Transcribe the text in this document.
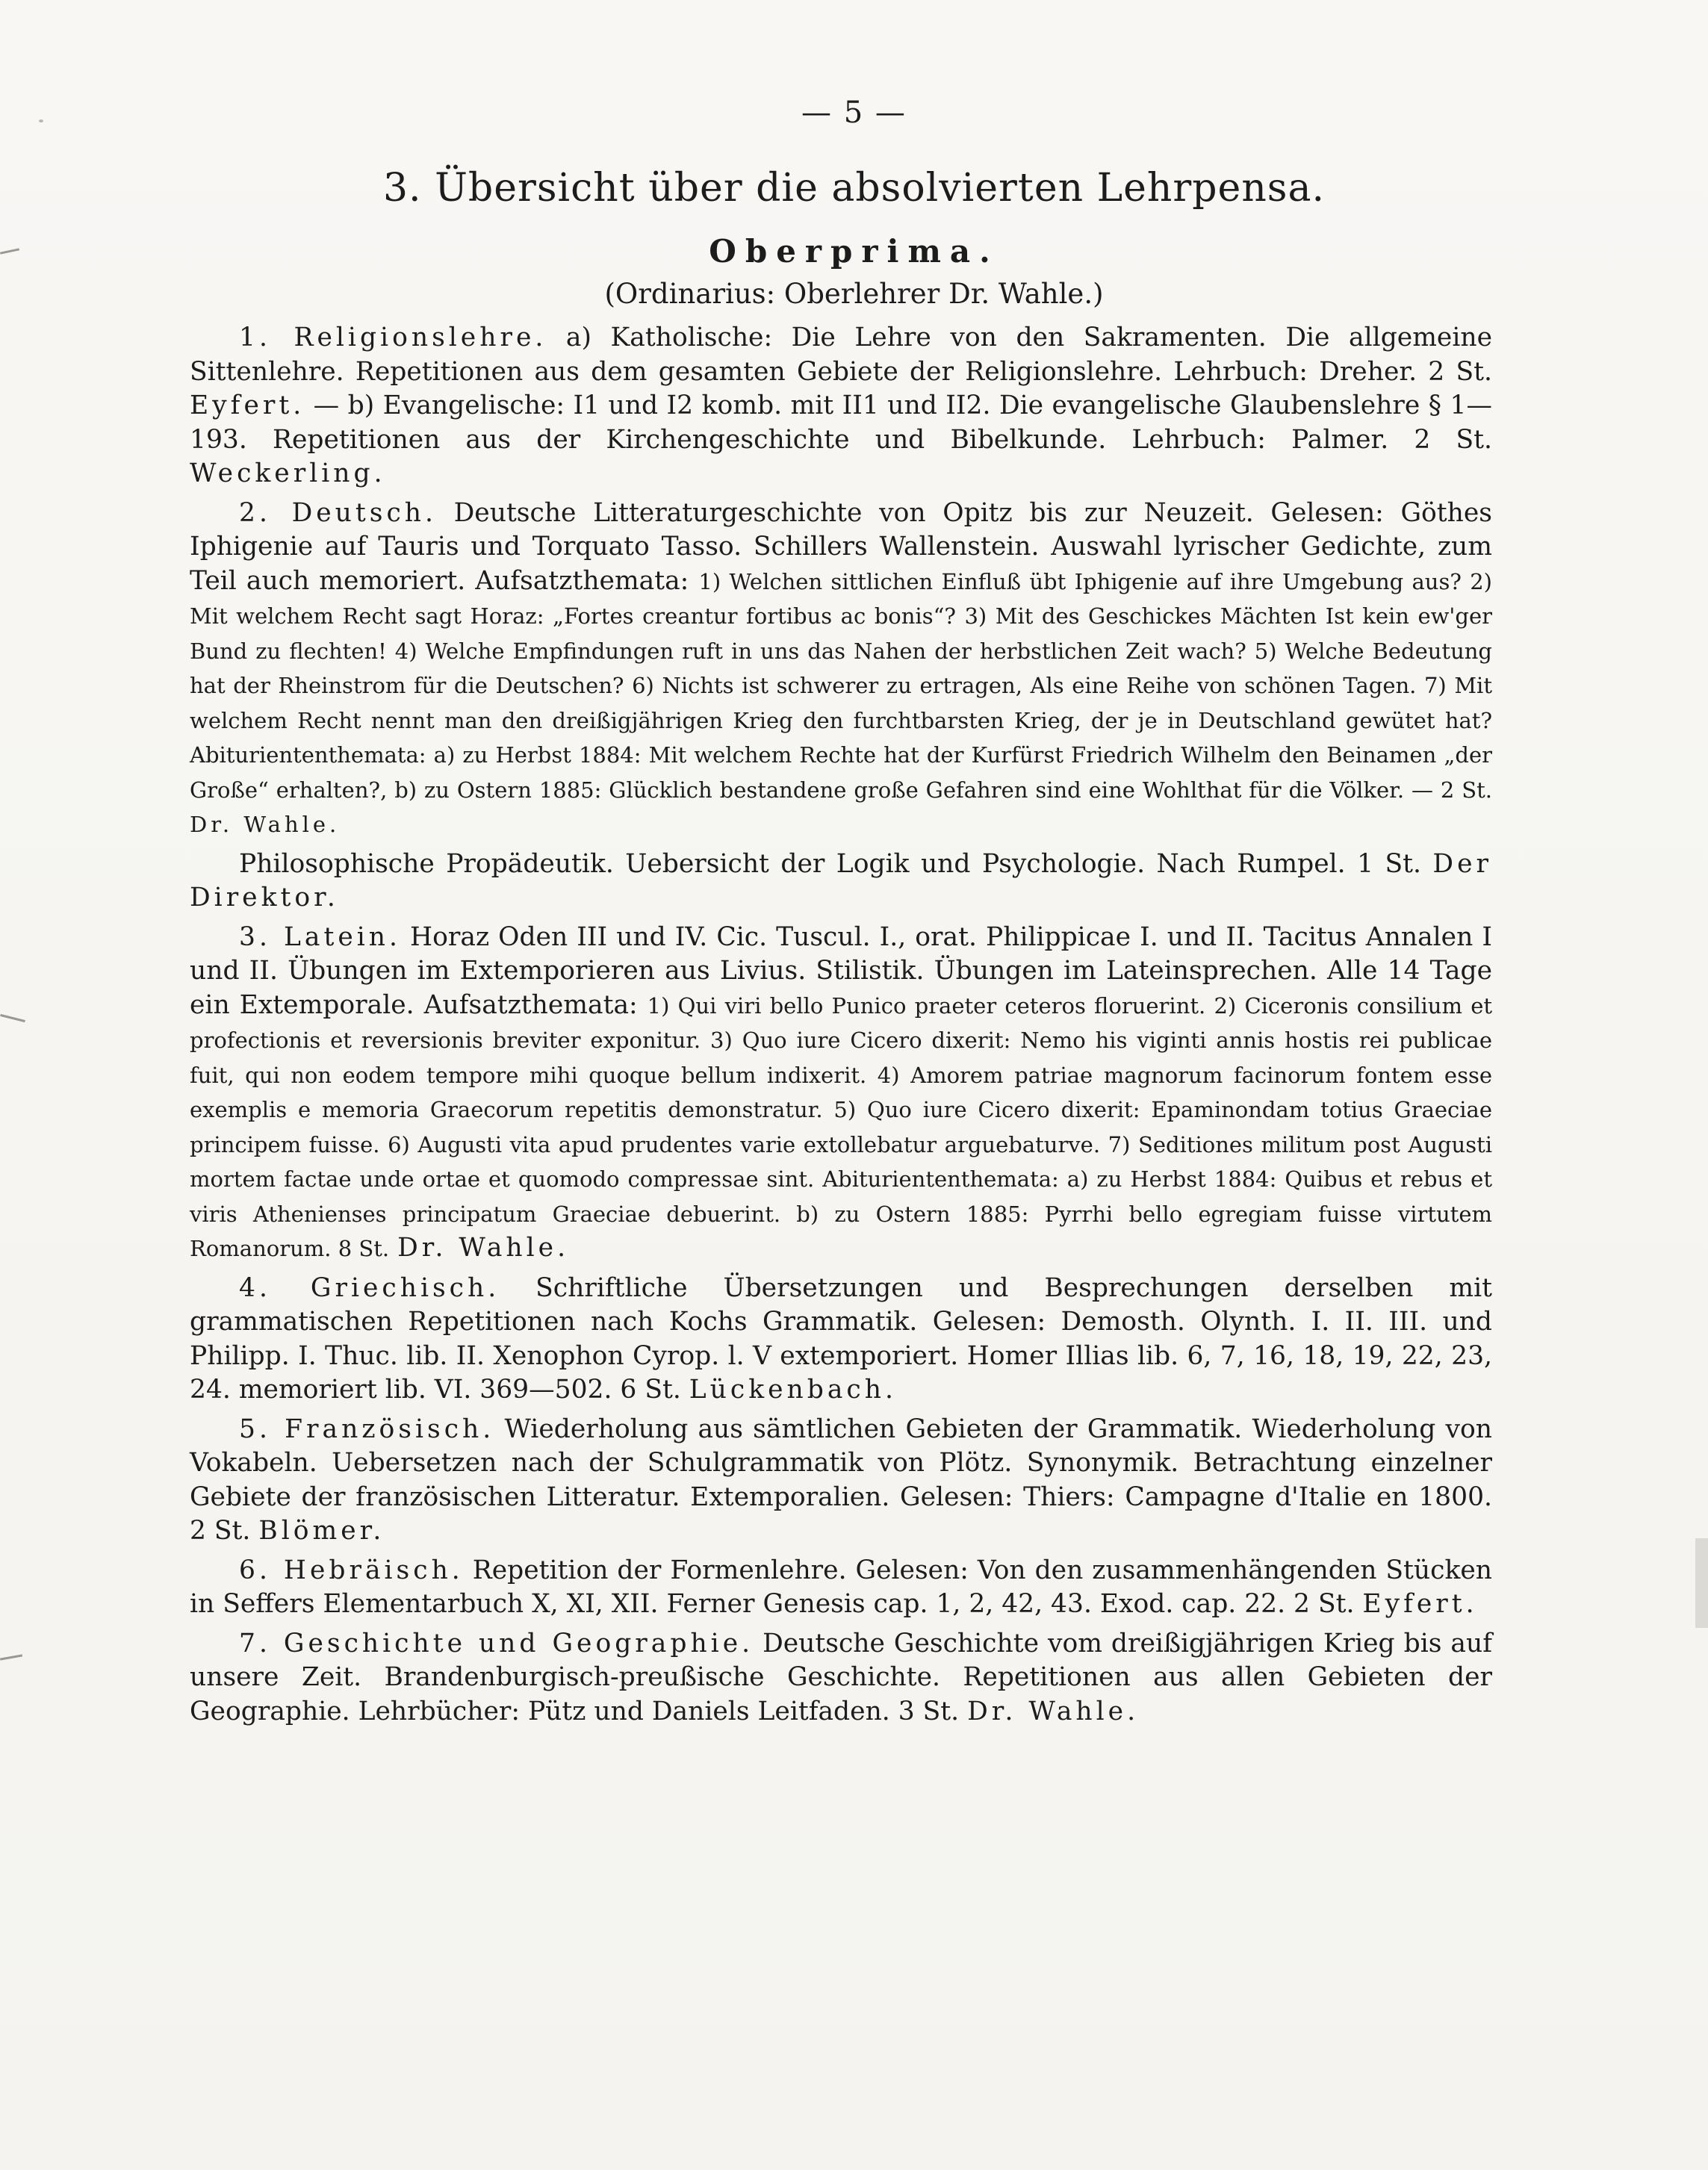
— 5 —
3. Übersicht über die absolvierten Lehrpensa.
Oberprima.
(Ordinarius: Oberlehrer Dr. Wahle.)

1. Religionslehre. a) Katholische: Die Lehre von den Sakramenten. Die allgemeine Sittenlehre. Repetitionen aus dem gesamten Gebiete der Religionslehre. Lehrbuch: Dreher. 2 St. Eyfert. — b) Evangelische: I1 und I2 komb. mit II1 und II2. Die evangelische Glaubenslehre § 1—193. Repetitionen aus der Kirchengeschichte und Bibelkunde. Lehrbuch: Palmer. 2 St. Weckerling.

2. Deutsch. Deutsche Litteraturgeschichte von Opitz bis zur Neuzeit. Gelesen: Göthes Iphigenie auf Tauris und Torquato Tasso. Schillers Wallenstein. Auswahl lyrischer Gedichte, zum Teil auch memoriert. Aufsatzthemata: 1) Welchen sittlichen Einfluß übt Iphigenie auf ihre Umgebung aus? 2) Mit welchem Recht sagt Horaz: „Fortes creantur fortibus ac bonis“? 3) Mit des Geschickes Mächten Ist kein ew'ger Bund zu flechten! 4) Welche Empfindungen ruft in uns das Nahen der herbstlichen Zeit wach? 5) Welche Bedeutung hat der Rheinstrom für die Deutschen? 6) Nichts ist schwerer zu ertragen, Als eine Reihe von schönen Tagen. 7) Mit welchem Recht nennt man den dreißigjährigen Krieg den furchtbarsten Krieg, der je in Deutschland gewütet hat? Abituriententhemata: a) zu Herbst 1884: Mit welchem Rechte hat der Kurfürst Friedrich Wilhelm den Beinamen „der Große“ erhalten?, b) zu Ostern 1885: Glücklich bestandene große Gefahren sind eine Wohlthat für die Völker. — 2 St. Dr. Wahle.

Philosophische Propädeutik. Uebersicht der Logik und Psychologie. Nach Rumpel. 1 St. Der Direktor.

3. Latein. Horaz Oden III und IV. Cic. Tuscul. I., orat. Philippicae I. und II. Tacitus Annalen I und II. Übungen im Extemporieren aus Livius. Stilistik. Übungen im Lateinsprechen. Alle 14 Tage ein Extemporale. Aufsatzthemata: 1) Qui viri bello Punico praeter ceteros floruerint. 2) Ciceronis consilium et profectionis et reversionis breviter exponitur. 3) Quo iure Cicero dixerit: Nemo his viginti annis hostis rei publicae fuit, qui non eodem tempore mihi quoque bellum indixerit. 4) Amorem patriae magnorum facinorum fontem esse exemplis e memoria Graecorum repetitis demonstratur. 5) Quo iure Cicero dixerit: Epaminondam totius Graeciae principem fuisse. 6) Augusti vita apud prudentes varie extollebatur arguebaturve. 7) Seditiones militum post Augusti mortem factae unde ortae et quomodo compressae sint. Abituriententhemata: a) zu Herbst 1884: Quibus et rebus et viris Athenienses principatum Graeciae debuerint. b) zu Ostern 1885: Pyrrhi bello egregiam fuisse virtutem Romanorum. 8 St. Dr. Wahle.

4. Griechisch. Schriftliche Übersetzungen und Besprechungen derselben mit grammatischen Repetitionen nach Kochs Grammatik. Gelesen: Demosth. Olynth. I. II. III. und Philipp. I. Thuc. lib. II. Xenophon Cyrop. l. V extemporiert. Homer Illias lib. 6, 7, 16, 18, 19, 22, 23, 24. memoriert lib. VI. 369—502. 6 St. Lückenbach.

5. Französisch. Wiederholung aus sämtlichen Gebieten der Grammatik. Wiederholung von Vokabeln. Uebersetzen nach der Schulgrammatik von Plötz. Synonymik. Betrachtung einzelner Gebiete der französischen Litteratur. Extemporalien. Gelesen: Thiers: Campagne d'Italie en 1800. 2 St. Blömer.

6. Hebräisch. Repetition der Formenlehre. Gelesen: Von den zusammenhängenden Stücken in Seffers Elementarbuch X, XI, XII. Ferner Genesis cap. 1, 2, 42, 43. Exod. cap. 22. 2 St. Eyfert.

7. Geschichte und Geographie. Deutsche Geschichte vom dreißigjährigen Krieg bis auf unsere Zeit. Brandenburgisch-preußische Geschichte. Repetitionen aus allen Gebieten der Geographie. Lehrbücher: Pütz und Daniels Leitfaden. 3 St. Dr. Wahle.
